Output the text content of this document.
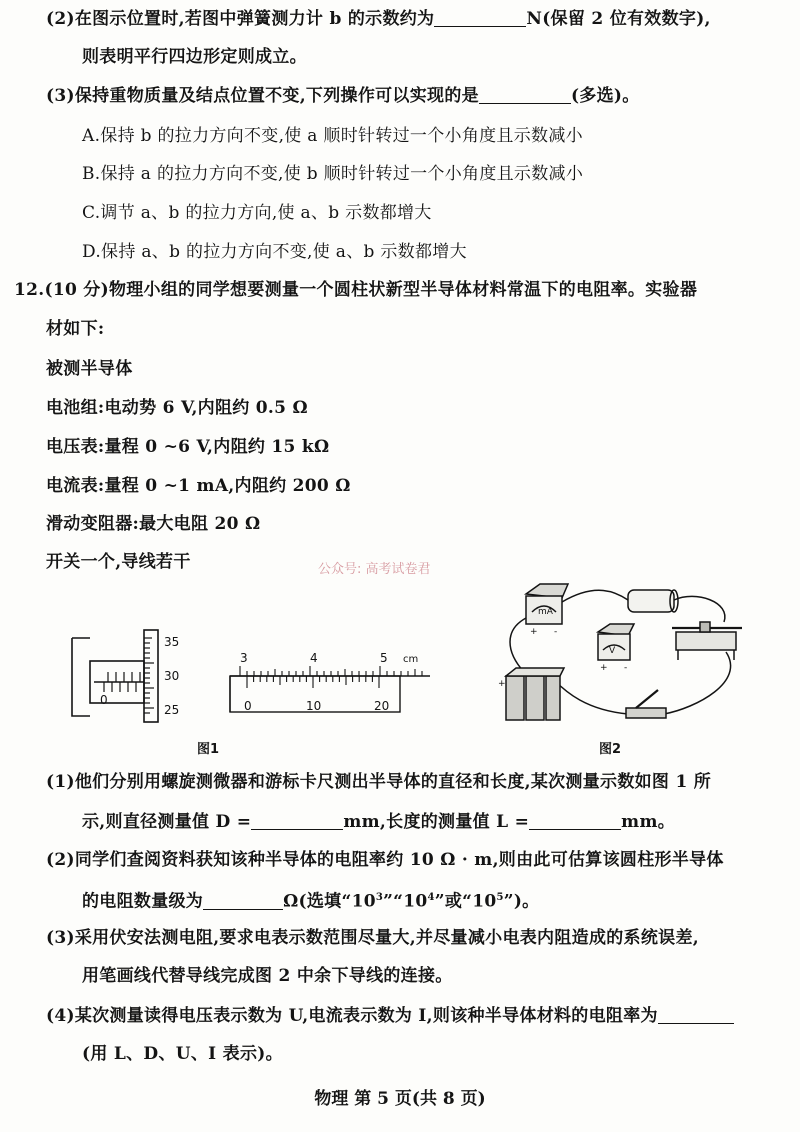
(2)在图示位置时,若图中弹簧测力计 b 的示数约为	N(保留 2 位有效数字),
则表明平行四边形定则成立。
(3)保持重物质量及结点位置不变,下列操作可以实现的是	(多选)。
A.保持 b 的拉力方向不变,使 a 顺时针转过一个小角度且示数减小
B.保持 a 的拉力方向不变,使 b 顺时针转过一个小角度且示数减小
C.调节 a、b 的拉力方向,使 a、b 示数都增大
D.保持 a、b 的拉力方向不变,使 a、b 示数都增大
12.(10 分)物理小组的同学想要测量一个圆柱状新型半导体材料常温下的电阻率。实验器
材如下:
被测半导体
电池组:电动势 6 V,内阻约 0.5 Ω
电压表:量程 0 ~6 V,内阻约 15 kΩ
电流表:量程 0 ~1 mA,内阻约 200 Ω
滑动变阻器:最大电阻 20 Ω
开关一个,导线若干	公众号: 高考试卷君
35
30
25
0
3	4	5 cm
0	10	20
图1
mA
V
+ -
+ -
+
图2
(1)他们分别用螺旋测微器和游标卡尺测出半导体的直径和长度,某次测量示数如图 1 所
示,则直径测量值 D =	mm,长度的测量值 L =	mm。
(2)同学们查阅资料获知该种半导体的电阻率约 10 Ω · m,则由此可估算该圆柱形半导体
的电阻数量级为	Ω(选填“$10^3”“10^4$”或“$10^5$”)。
(3)采用伏安法测电阻,要求电表示数范围尽量大,并尽量减小电表内阻造成的系统误差,
用笔画线代替导线完成图 2 中余下导线的连接。
(4)某次测量读得电压表示数为 U,电流表示数为 I,则该种半导体材料的电阻率为
(用 L、D、U、I 表示)。
物理 第 5 页(共 8 页)
